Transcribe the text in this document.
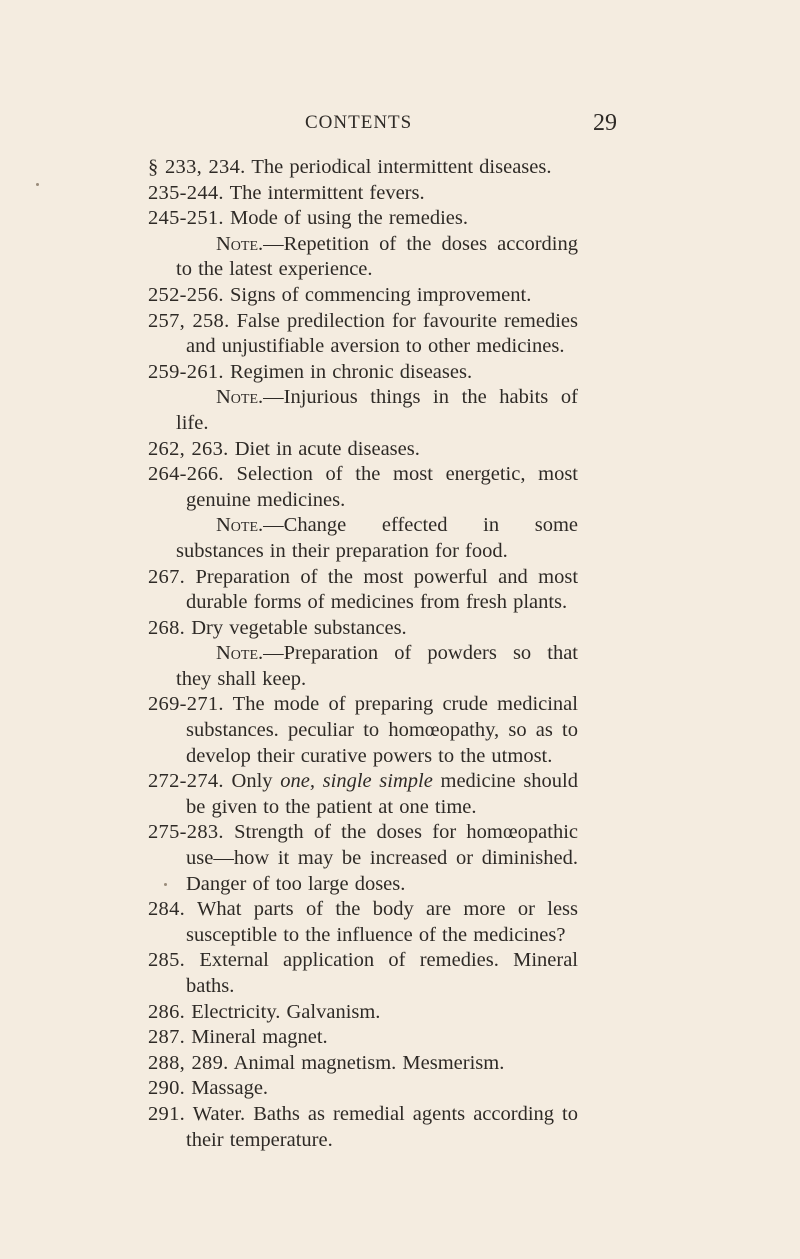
CONTENTS	29
§ 233, 234. The periodical intermittent diseases.
235-244. The intermittent fevers.
245-251. Mode of using the remedies.
Note.—Repetition of the doses according to the latest experience.
252-256. Signs of commencing improvement.
257, 258. False predilection for favourite remedies and unjustifiable aversion to other medicines.
259-261. Regimen in chronic diseases.
Note.—Injurious things in the habits of life.
262, 263. Diet in acute diseases.
264-266. Selection of the most energetic, most genuine medicines.
Note.—Change effected in some substances in their preparation for food.
267. Preparation of the most powerful and most durable forms of medicines from fresh plants.
268. Dry vegetable substances.
Note.—Preparation of powders so that they shall keep.
269-271. The mode of preparing crude medicinal substances. peculiar to homœopathy, so as to develop their curative powers to the utmost.
272-274. Only one, single simple medicine should be given to the patient at one time.
275-283. Strength of the doses for homœopathic use—how it may be increased or diminished. Danger of too large doses.
284. What parts of the body are more or less susceptible to the influence of the medicines?
285. External application of remedies. Mineral baths.
286. Electricity. Galvanism.
287. Mineral magnet.
288, 289. Animal magnetism. Mesmerism.
290. Massage.
291. Water. Baths as remedial agents according to their temperature.
